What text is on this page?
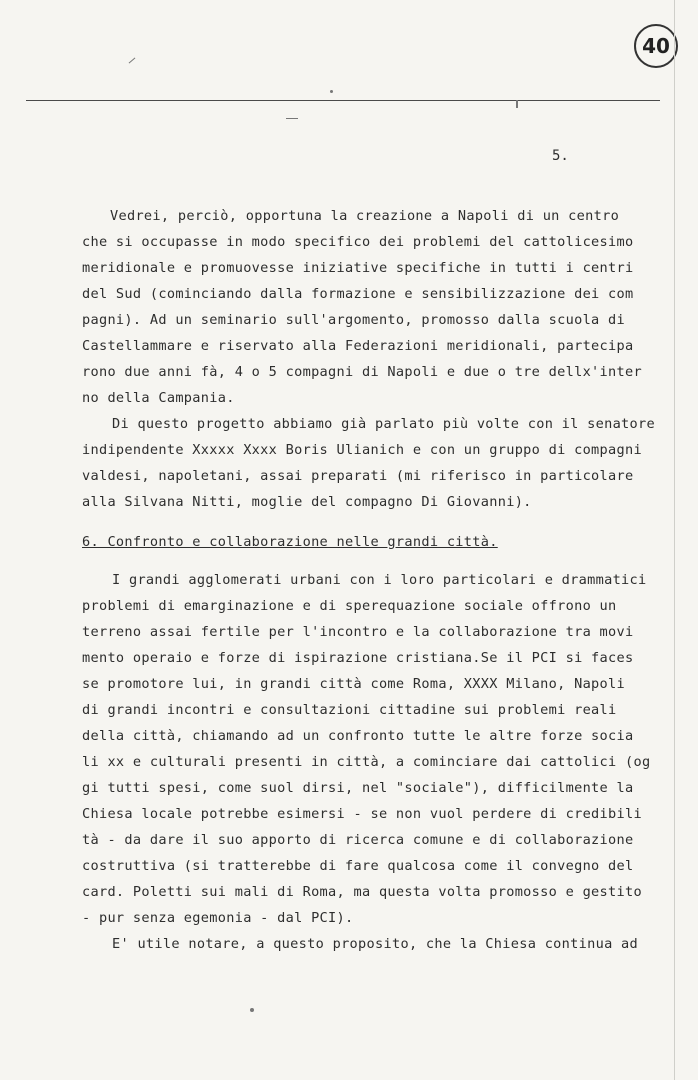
40
5.
Vedrei, perciò, opportuna la creazione a Napoli di un centro
che si occupasse in modo specifico dei problemi del cattolicesimo
meridionale e promuovesse iniziative specifiche in tutti i centri
del Sud (cominciando dalla formazione e sensibilizzazione dei com
pagni). Ad un seminario sull'argomento, promosso dalla scuola di
Castellammare e riservato alla Federazioni meridionali, partecipa
rono due anni fà, 4 o 5 compagni di Napoli e due o tre dellx'inter
no della Campania.
Di questo progetto abbiamo già parlato più volte con il senatore
indipendente Xxxxx Xxxx Boris Ulianich e con un gruppo di compagni
valdesi, napoletani, assai preparati (mi riferisco in particolare
alla Silvana Nitti, moglie del compagno Di Giovanni).
6. Confronto e collaborazione nelle grandi città.
I grandi agglomerati urbani con i loro particolari e drammatici
problemi di emarginazione e di sperequazione sociale offrono un
terreno assai fertile per l'incontro e la collaborazione tra movi
mento operaio e forze di ispirazione cristiana.Se il PCI si faces
se promotore lui, in grandi città come Roma, XXXX Milano, Napoli
di grandi incontri e consultazioni cittadine sui problemi reali
della città, chiamando ad un confronto tutte le altre forze socia
li xx e culturali presenti in città, a cominciare dai cattolici (og
gi tutti spesi, come suol dirsi, nel "sociale"), difficilmente la
Chiesa locale potrebbe esimersi - se non vuol perdere di credibili
tà - da dare il suo apporto di ricerca comune e di collaborazione
costruttiva (si tratterebbe di fare qualcosa come il convegno del
card. Poletti sui mali di Roma, ma questa volta promosso e gestito
- pur senza egemonia - dal PCI).
E' utile notare, a questo proposito, che la Chiesa continua ad
